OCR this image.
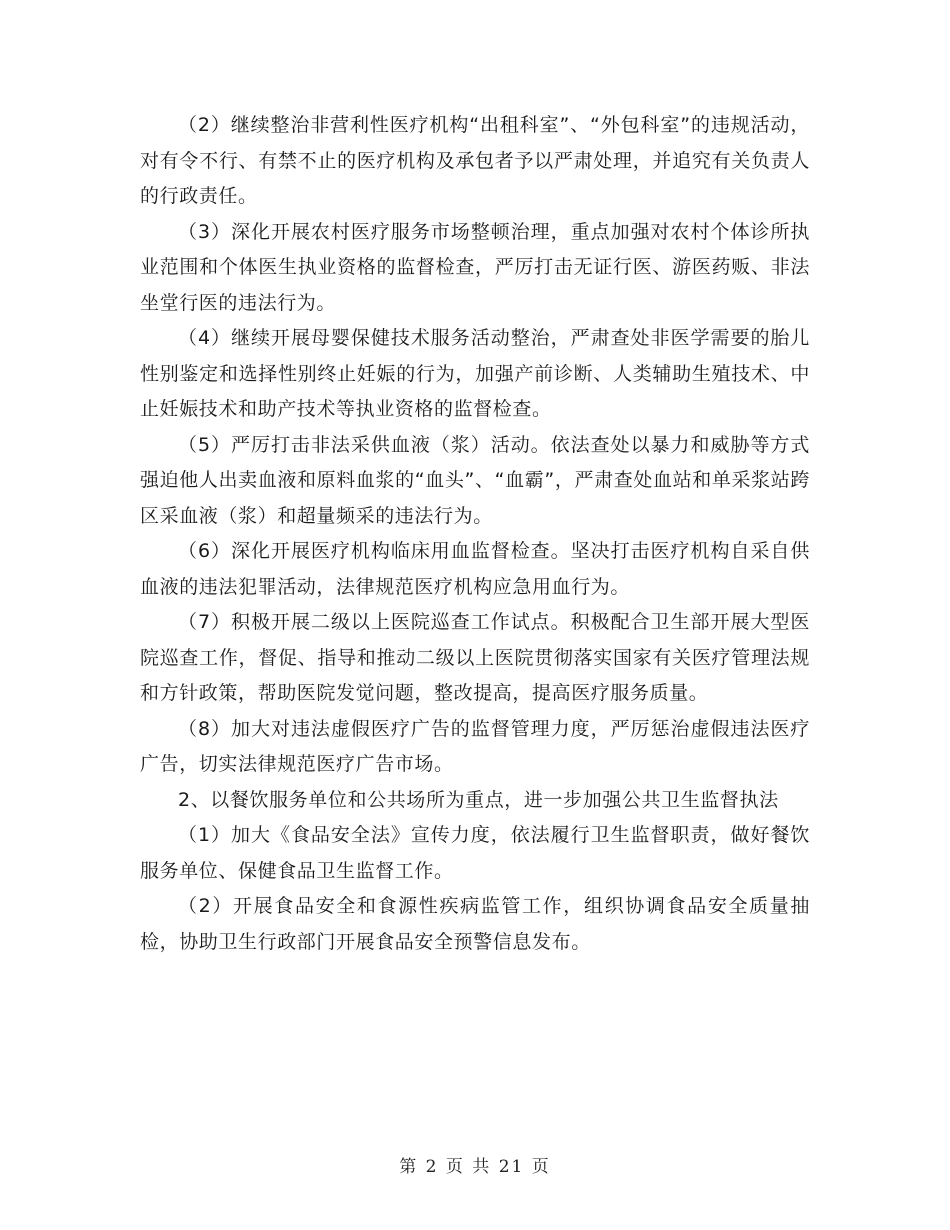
（2）继续整治非营利性医疗机构“出租科室”、“外包科室”的违规活动，对有令不行、有禁不止的医疗机构及承包者予以严肃处理，并追究有关负责人的行政责任。

（3）深化开展农村医疗服务市场整顿治理，重点加强对农村个体诊所执业范围和个体医生执业资格的监督检查，严厉打击无证行医、游医药贩、非法坐堂行医的违法行为。

（4）继续开展母婴保健技术服务活动整治，严肃查处非医学需要的胎儿性别鉴定和选择性别终止妊娠的行为，加强产前诊断、人类辅助生殖技术、中止妊娠技术和助产技术等执业资格的监督检查。

（5）严厉打击非法采供血液（浆）活动。依法查处以暴力和威胁等方式强迫他人出卖血液和原料血浆的“血头”、“血霸”，严肃查处血站和单采浆站跨区采血液（浆）和超量频采的违法行为。

（6）深化开展医疗机构临床用血监督检查。坚决打击医疗机构自采自供血液的违法犯罪活动，法律规范医疗机构应急用血行为。

（7）积极开展二级以上医院巡查工作试点。积极配合卫生部开展大型医院巡查工作，督促、指导和推动二级以上医院贯彻落实国家有关医疗管理法规和方针政策，帮助医院发觉问题，整改提高，提高医疗服务质量。

（8）加大对违法虚假医疗广告的监督管理力度，严厉惩治虚假违法医疗广告，切实法律规范医疗广告市场。

2、以餐饮服务单位和公共场所为重点，进一步加强公共卫生监督执法

（1）加大《食品安全法》宣传力度，依法履行卫生监督职责，做好餐饮服务单位、保健食品卫生监督工作。

（2）开展食品安全和食源性疾病监管工作，组织协调食品安全质量抽检，协助卫生行政部门开展食品安全预警信息发布。

第 2 页 共 21 页
